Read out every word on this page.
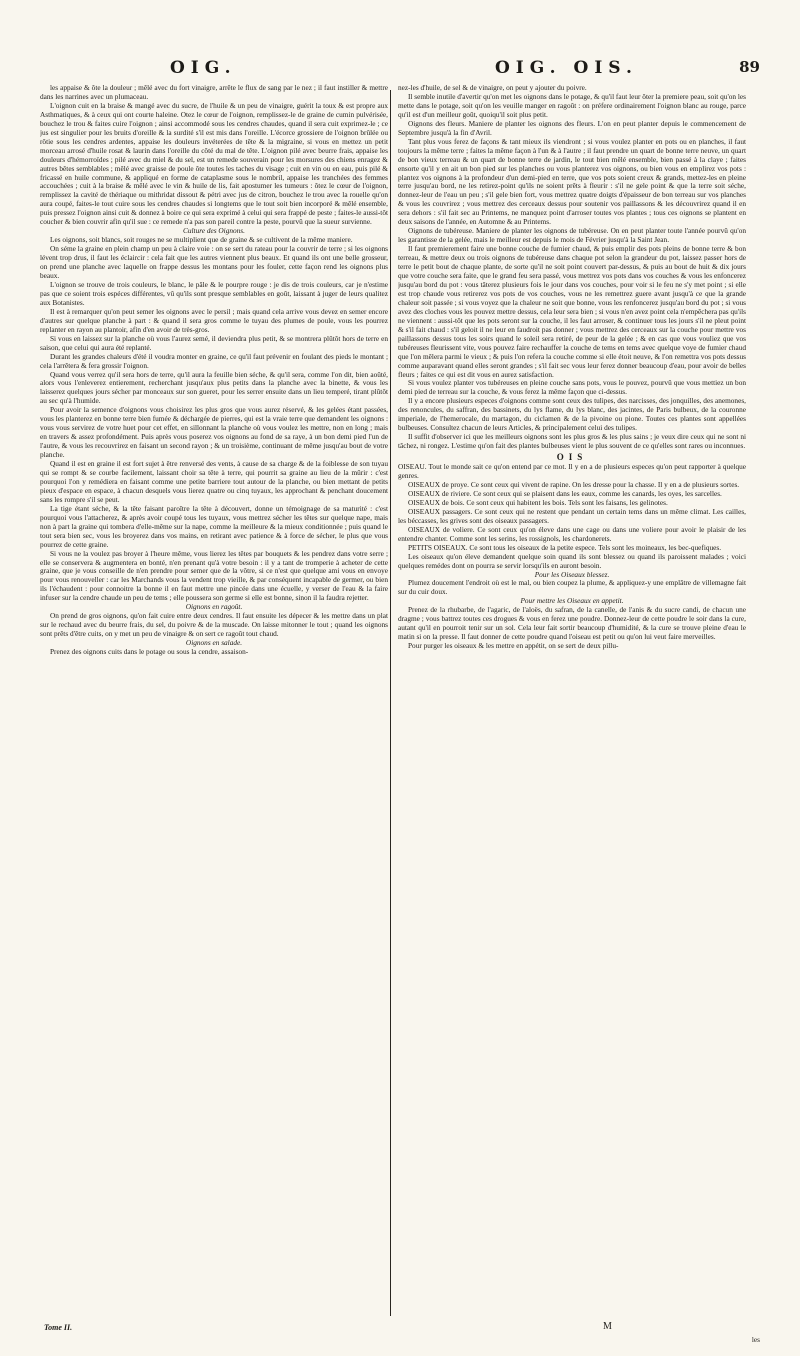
OIG.	OIG. OIS.	89

les appaise & ôte la douleur ; mêlé avec du fort vinaigre, arrête le flux de sang par le nez ; il faut instiller & mettre dans les narrines avec un plumaceau.

L'oignon cuit en la braise & mangé avec du sucre, de l'huile & un peu de vinaigre, guérit la toux & est propre aux Asthmatiques, & à ceux qui ont courte haleine. Otez le cœur de l'oignon, remplissez-le de graine de cumin pulvérisée, bouchez le trou & faites cuire l'oignon ; ainsi accommodé sous les cendres chaudes, quand il sera cuit exprimez-le ; ce jus est singulier pour les bruits d'oreille & la surdité s'il est mis dans l'oreille. L'écorce grossiere de l'oignon brûlée ou rôtie sous les cendres ardentes, appaise les douleurs invéterées de tête & la migraine, si vous en mettez un petit morceau arrosé d'huile rosat & laurin dans l'oreille du côté du mal de tête. L'oignon pilé avec beurre frais, appaise les douleurs d'hémorroïdes ; pilé avec du miel & du sel, est un remede souverain pour les morsures des chiens enragez & autres bêtes semblables ; mêlé avec graisse de poule ôte toutes les taches du visage ; cuit en vin ou en eau, puis pilé & fricassé en huile commune, & appliqué en forme de cataplasme sous le nombril, appaise les tranchées des femmes accouchées ; cuit à la braise & mêlé avec le vin & huile de lis, fait apostumer les tumeurs : ôtez le cœur de l'oignon, remplissez la cavité de thériaque ou mithridat dissout & pétri avec jus de citron, bouchez le trou avec la rouelle qu'on aura coupé, faites-le tout cuire sous les cendres chaudes si longtems que le tout soit bien incorporé & mêlé ensemble, puis pressez l'oignon ainsi cuit & donnez à boire ce qui sera exprimé à celui qui sera frappé de peste ; faites-le aussi-tôt coucher & bien couvrir afin qu'il sue : ce remede n'a pas son pareil contre la peste, pourvû que la sueur survienne.

Culture des Oignons.

Les oignons, soit blancs, soit rouges ne se multiplient que de graine & se cultivent de la même maniere.

On séme la graine en plein champ un peu à claire voie : on se sert du rateau pour la couvrir de terre ; si les oignons lévent trop drus, il faut les éclaircir : cela fait que les autres viennent plus beaux. Et quand ils ont une belle grosseur, on prend une planche avec laquelle on frappe dessus les montans pour les fouler, cette façon rend les oignons plus beaux.

L'oignon se trouve de trois couleurs, le blanc, le pâle & le pourpre rouge : je dis de trois couleurs, car je n'estime pas que ce soient trois espéces différentes, vû qu'ils sont presque semblables en goût, laissant à juger de leurs qualitez aux Botanistes.

Il est à remarquer qu'on peut semer les oignons avec le persil ; mais quand cela arrive vous devez en semer encore d'autres sur quelque planche à part : & quand il sera gros comme le tuyau des plumes de poule, vous les pourrez replanter en rayon au plantoir, afin d'en avoir de très-gros.

Si vous en laissez sur la planche où vous l'aurez semé, il deviendra plus petit, & se montrera plûtôt hors de terre en saison, que celui qui aura été replanté.

Durant les grandes chaleurs d'été il voudra monter en graine, ce qu'il faut prévenir en foulant des pieds le montant ; cela l'arrêtera & fera grossir l'oignon.

Quand vous verrez qu'il sera hors de terre, qu'il aura la feuille bien séche, & qu'il sera, comme l'on dit, bien aoûté, alors vous l'enleverez entierement, recherchant jusqu'aux plus petits dans la planche avec la binette, & vous les laisserez quelques jours sécher par monceaux sur son gueret, pour les serrer ensuite dans un lieu temperé, tirant plûtôt au sec qu'à l'humide.

Pour avoir la semence d'oignons vous choisirez les plus gros que vous aurez réservé, & les gelées étant passées, vous les planterez en bonne terre bien fumée & déchargée de pierres, qui est la vraie terre que demandent les oignons : vous vous servirez de votre huet pour cet effet, en sillonnant la planche où vous voulez les mettre, non en long ; mais en travers & assez profondément. Puis après vous poserez vos oignons au fond de sa raye, à un bon demi pied l'un de l'autre, & vous les recouvrirez en faisant un second rayon ; & un troisième, continuant de même jusqu'au bout de votre planche.

Quand il est en graine il est fort sujet à être renversé des vents, à cause de sa charge & de la foiblesse de son tuyau qui se rompt & se courbe facilement, laissant choir sa tête à terre, qui pourrit sa graine au lieu de la mûrir : c'est pourquoi l'on y remédiera en faisant comme une petite barriere tout autour de la planche, ou bien mettant de petits pieux d'espace en espace, à chacun desquels vous lierez quatre ou cinq tuyaux, les approchant & penchant doucement sans les rompre s'il se peut.

La tige étant séche, & la tête faisant paroître la tête à découvert, donne un témoignage de sa maturité : c'est pourquoi vous l'attacherez, & après avoir coupé tous les tuyaux, vous mettrez sécher les têtes sur quelque nape, mais non à part la graine qui tombera d'elle-même sur la nape, comme la meilleure & la mieux conditionnée ; puis quand le tout sera bien sec, vous les broyerez dans vos mains, en retirant avec patience & à force de sécher, le plus que vous pourrez de cette graine.

Si vous ne la voulez pas broyer à l'heure même, vous lierez les têtes par bouquets & les pendrez dans votre serre ; elle se conservera & augmentera en bonté, n'en prenant qu'à votre besoin : il y a tant de tromperie à acheter de cette graine, que je vous conseille de n'en prendre pour semer que de la vôtre, si ce n'est que quelque ami vous en envoye pour vous renouveller : car les Marchands vous la vendent trop vieille, & par conséquent incapable de germer, ou bien ils l'échaudent : pour connoitre la bonne il en faut mettre une pincée dans une écuelle, y verser de l'eau & la faire infuser sur la cendre chaude un peu de tems ; elle poussera son germe si elle est bonne, sinon il la faudra rejetter.

Oignons en ragoût.

On prend de gros oignons, qu'on fait cuire entre deux cendres. Il faut ensuite les dépecer & les mettre dans un plat sur le rechaud avec du beurre frais, du sel, du poivre & de la muscade. On laisse mitonner le tout ; quand les oignons sont prêts d'être cuits, on y met un peu de vinaigre & on sert ce ragoût tout chaud.

Oignons en salade.

Prenez des oignons cuits dans le potage ou sous la cendre, assaison-

nez-les d'huile, de sel & de vinaigre, on peut y ajouter du poivre.

Il semble inutile d'avertir qu'on met les oignons dans le potage, & qu'il faut leur ôter la premiere peau, soit qu'on les mette dans le potage, soit qu'on les veuille manger en ragoût : on préfere ordinairement l'oignon blanc au rouge, parce qu'il est d'un meilleur goût, quoiqu'il soit plus petit.

Oignons des fleurs. Maniere de planter les oignons des fleurs. L'on en peut planter depuis le commencement de Septembre jusqu'à la fin d'Avril.

Tant plus vous ferez de façons & tant mieux ils viendront ; si vous voulez planter en pots ou en planches, il faut toujours la même terre ; faites la même façon à l'un & à l'autre ; il faut prendre un quart de bonne terre neuve, un quart de bon vieux terreau & un quart de bonne terre de jardin, le tout bien mêlé ensemble, bien passé à la claye ; faites ensorte qu'il y en ait un bon pied sur les planches ou vous planterez vos oignons, ou bien vous en emplirez vos pots : plantez vos oignons à la profondeur d'un demi-pied en terre, que vos pots soient creux & grands, mettez-les en pleine terre jusqu'au bord, ne les retirez-point qu'ils ne soient prêts à fleurir : s'il ne gele point & que la terre soit séche, donnez-leur de l'eau un peu ; s'il gele bien fort, vous mettrez quatre doigts d'épaisseur de bon terreau sur vos planches & vous les couvrirez ; vous mettrez des cerceaux dessus pour soutenir vos paillassons & les découvrirez quand il en sera dehors : s'il fait sec au Printems, ne manquez point d'arroser toutes vos plantes ; tous ces oignons se plantent en deux saisons de l'année, en Automne & au Printems.

Oignons de tubéreuse. Maniere de planter les oignons de tubéreuse. On en peut planter toute l'année pourvû qu'on les garantisse de la gelée, mais le meilleur est depuis le mois de Février jusqu'à la Saint Jean.

Il faut premierement faire une bonne couche de fumier chaud, & puis emplir des pots pleins de bonne terre & bon terreau, & mettre deux ou trois oignons de tubéreuse dans chaque pot selon la grandeur du pot, laissez passer hors de terre le petit bout de chaque plante, de sorte qu'il ne soit point couvert par-dessus, & puis au bout de huit & dix jours que votre couche sera faite, que le grand feu sera passé, vous mettrez vos pots dans vos couches & vous les enfoncerez jusqu'au bord du pot : vous tâterez plusieurs fois le jour dans vos couches, pour voir si le feu ne s'y met point ; si elle est trop chaude vous retirerez vos pots de vos couches, vous ne les remettrez guere avant jusqu'à ce que la grande chaleur soit passée ; si vous voyez que la chaleur ne soit que bonne, vous les renfoncerez jusqu'au bord du pot ; si vous avez des cloches vous les pouvez mettre dessus, cela leur sera bien ; si vous n'en avez point cela n'empêchera pas qu'ils ne viennent : aussi-tôt que les pots seront sur la couche, il les faut arroser, & continuer tous les jours s'il ne pleut point & s'il fait chaud : s'il geloit il ne leur en faudroit pas donner ; vous mettrez des cerceaux sur la couche pour mettre vos paillassons dessus tous les soirs quand le soleil sera retiré, de peur de la gelée ; & en cas que vous vouliez que vos tubéreuses fleurissent vite, vous pouvez faire rechauffer la couche de tems en tems avec quelque voye de fumier chaud que l'on mêlera parmi le vieux ; & puis l'on refera la couche comme si elle étoit neuve, & l'on remettra vos pots dessus comme auparavant quand elles seront grandes ; s'il fait sec vous leur ferez donner beaucoup d'eau, pour avoir de belles fleurs ; faites ce qui est dit vous en aurez satisfaction.

Si vous voulez planter vos tubéreuses en pleine couche sans pots, vous le pouvez, pourvû que vous mettiez un bon demi pied de terreau sur la couche, & vous ferez la même façon que ci-dessus.

Il y a encore plusieurs especes d'oignons comme sont ceux des tulipes, des narcisses, des jonquilles, des anemones, des renoncules, du saffran, des bassinets, du lys flame, du lys blanc, des jacintes, de Paris bulbeux, de la couronne imperiale, de l'hemerocale, du martagon, du ciclamen & de la pivoine ou pione. Toutes ces plantes sont appellées bulbeuses. Consultez chacun de leurs Articles, & principalement celui des tulipes.

Il suffit d'observer ici que les meilleurs oignons sont les plus gros & les plus sains ; je veux dire ceux qui ne sont ni tâchez, ni rongez. L'estime qu'on fait des plantes bulbeuses vient le plus souvent de ce qu'elles sont rares ou inconnues.

OIS

OISEAU. Tout le monde sait ce qu'on entend par ce mot. Il y en a de plusieurs especes qu'on peut rapporter à quelque genres.

OISEAUX de proye. Ce sont ceux qui vivent de rapine. On les dresse pour la chasse. Il y en a de plusieurs sortes.

OISEAUX de riviere. Ce sont ceux qui se plaisent dans les eaux, comme les canards, les oyes, les sarcelles.

OISEAUX de bois. Ce sont ceux qui habitent les bois. Tels sont les faisans, les gelinotes.

OISEAUX passagers. Ce sont ceux qui ne restent que pendant un certain tems dans un même climat. Les cailles, les béccasses, les grives sont des oiseaux passagers.

OISEAUX de voliere. Ce sont ceux qu'on éleve dans une cage ou dans une voliere pour avoir le plaisir de les entendre chanter. Comme sont les serins, les rossignols, les chardonerets.

PETITS OISEAUX. Ce sont tous les oiseaux de la petite espece. Tels sont les moineaux, les bec-quefiques.

Les oiseaux qu'on éleve demandent quelque soin quand ils sont blessez ou quand ils paroissent malades ; voici quelques remédes dont on pourra se servir lorsqu'ils en auront besoin.

Pour les Oiseaux blessez.

Plumez doucement l'endroit où est le mal, ou bien coupez la plume, & appliquez-y une emplâtre de villemagne fait sur du cuir doux.

Pour mettre les Oiseaux en appetit.

Prenez de la rhubarbe, de l'agaric, de l'aloës, du safran, de la canelle, de l'anis & du sucre candi, de chacun une dragme ; vous battrez toutes ces drogues & vous en ferez une poudre. Donnez-leur de cette poudre le soir dans la cure, autant qu'il en pourroit tenir sur un sol. Cela leur fait sortir beaucoup d'humidité, & la cure se trouve pleine d'eau le matin si on la presse. Il faut donner de cette poudre quand l'oiseau est petit ou qu'on lui veut faire merveilles.

Pour purger les oiseaux & les mettre en appétit, on se sert de deux pillu-

Tome II.	M
les
